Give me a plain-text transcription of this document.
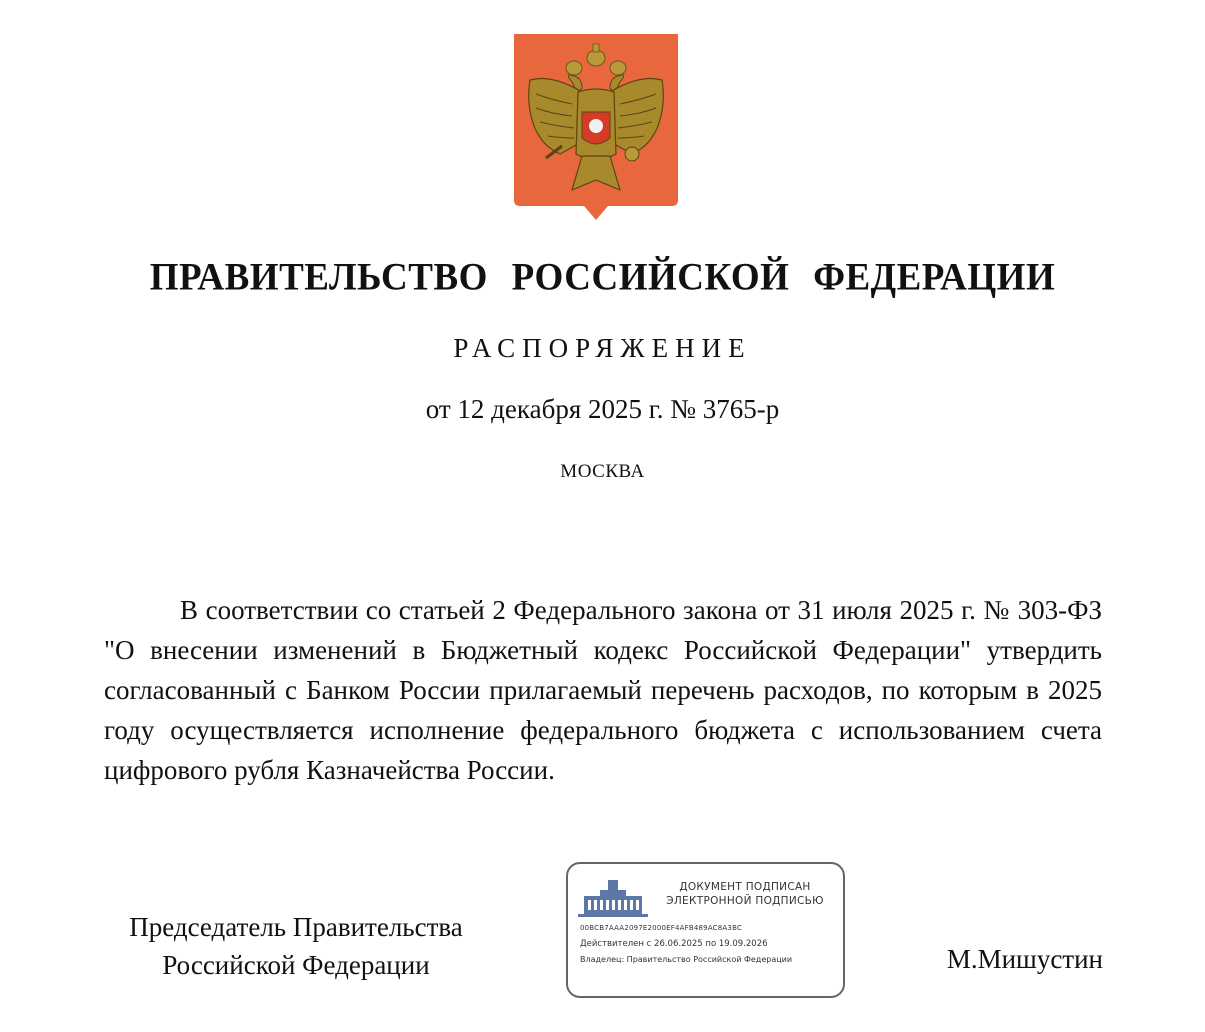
ПРАВИТЕЛЬСТВО РОССИЙСКОЙ ФЕДЕРАЦИИ

РАСПОРЯЖЕНИЕ

от 12 декабря 2025 г. № 3765-р

МОСКВА

В соответствии со статьей 2 Федерального закона от 31 июля 2025 г. № 303-ФЗ "О внесении изменений в Бюджетный кодекс Российской Федерации" утвердить согласованный с Банком России прилагаемый перечень расходов, по которым в 2025 году осуществляется исполнение федерального бюджета с использованием счета цифрового рубля Казначейства России.

Председатель Правительства
Российской Федерации
ДОКУМЕНТ ПОДПИСАН
ЭЛЕКТРОННОЙ ПОДПИСЬЮ
00BCB7AAA2097E2000EF4AFB489AC8A3BC
Действителен с 26.06.2025 по 19.09.2026
Владелец: Правительство Российской Федерации	М.Мишустин
